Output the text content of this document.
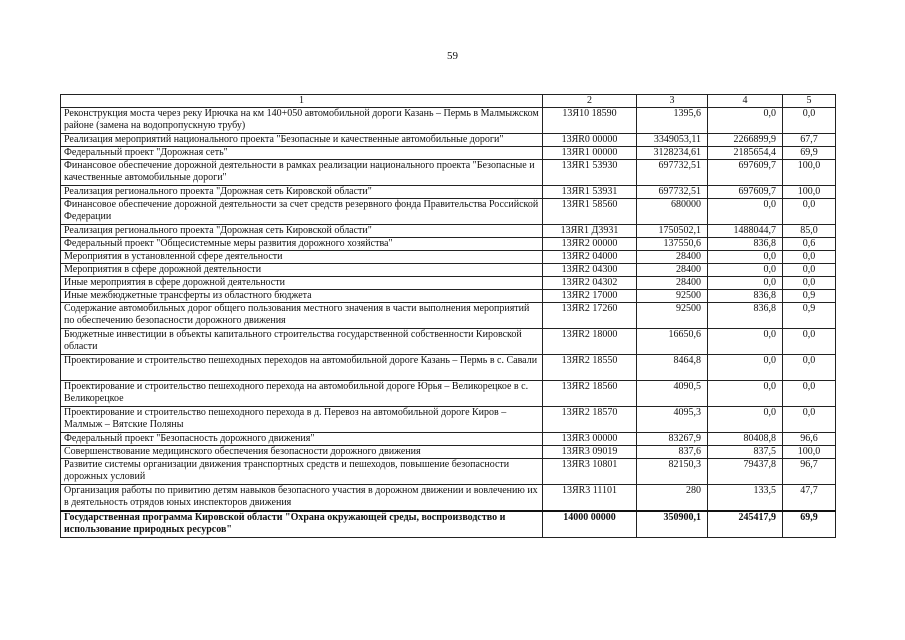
59
1	2	3	4	5
Реконструкция моста через реку Ирючка на км 140+050 автомобильной дороги Казань – Пермь в Малмыжском районе (замена на водопропускную трубу)	13Я10 18590	1395,6	0,0	0,0
Реализация мероприятий национального проекта "Безопасные и качественные автомобильные дороги"	13ЯR0 00000	3349053,11	2266899,9	67,7
Федеральный проект "Дорожная сеть"	13ЯR1 00000	3128234,61	2185654,4	69,9
Финансовое обеспечение дорожной деятельности в рамках реализации национального проекта "Безопасные и качественные автомобильные дороги"	13ЯR1 53930	697732,51	697609,7	100,0
Реализация регионального проекта "Дорожная сеть Кировской области"	13ЯR1 53931	697732,51	697609,7	100,0
Финансовое обеспечение дорожной деятельности за счет средств резервного фонда Правительства Российской Федерации	13ЯR1 58560	680000	0,0	0,0
Реализация регионального проекта "Дорожная сеть Кировской области"	13ЯR1 Д3931	1750502,1	1488044,7	85,0
Федеральный проект "Общесистемные меры развития дорожного хозяйства"	13ЯR2 00000	137550,6	836,8	0,6
Мероприятия в установленной сфере деятельности	13ЯR2 04000	28400	0,0	0,0
Мероприятия в сфере дорожной деятельности	13ЯR2 04300	28400	0,0	0,0
Иные мероприятия в сфере дорожной деятельности	13ЯR2 04302	28400	0,0	0,0
Иные межбюджетные трансферты из областного бюджета	13ЯR2 17000	92500	836,8	0,9
Содержание автомобильных дорог общего пользования местного значения в части выполнения мероприятий по обеспечению безопасности дорожного движения	13ЯR2 17260	92500	836,8	0,9
Бюджетные инвестиции в объекты капитального строительства государственной собственности Кировской области	13ЯR2 18000	16650,6	0,0	0,0
Проектирование и строительство пешеходных переходов на автомобильной дороге Казань – Пермь в с. Савали	13ЯR2 18550	8464,8	0,0	0,0
Проектирование и строительство пешеходного перехода на автомобильной дороге Юрья – Великорецкое в с. Великорецкое	13ЯR2 18560	4090,5	0,0	0,0
Проектирование и строительство пешеходного перехода в д. Перевоз на автомобильной дороге Киров – Малмыж – Вятские Поляны	13ЯR2 18570	4095,3	0,0	0,0
Федеральный проект "Безопасность дорожного движения"	13ЯR3 00000	83267,9	80408,8	96,6
Совершенствование медицинского обеспечения безопасности дорожного движения	13ЯR3 09019	837,6	837,5	100,0
Развитие системы организации движения транспортных средств и пешеходов, повышение безопасности дорожных условий	13ЯR3 10801	82150,3	79437,8	96,7
Организация работы по привитию детям навыков безопасного участия в дорожном движении и вовлечению их в деятельность отрядов юных инспекторов движения	13ЯR3 11101	280	133,5	47,7
Государственная программа Кировской области "Охрана окружающей среды, воспроизводство и использование природных ресурсов"	14000 00000	350900,1	245417,9	69,9
